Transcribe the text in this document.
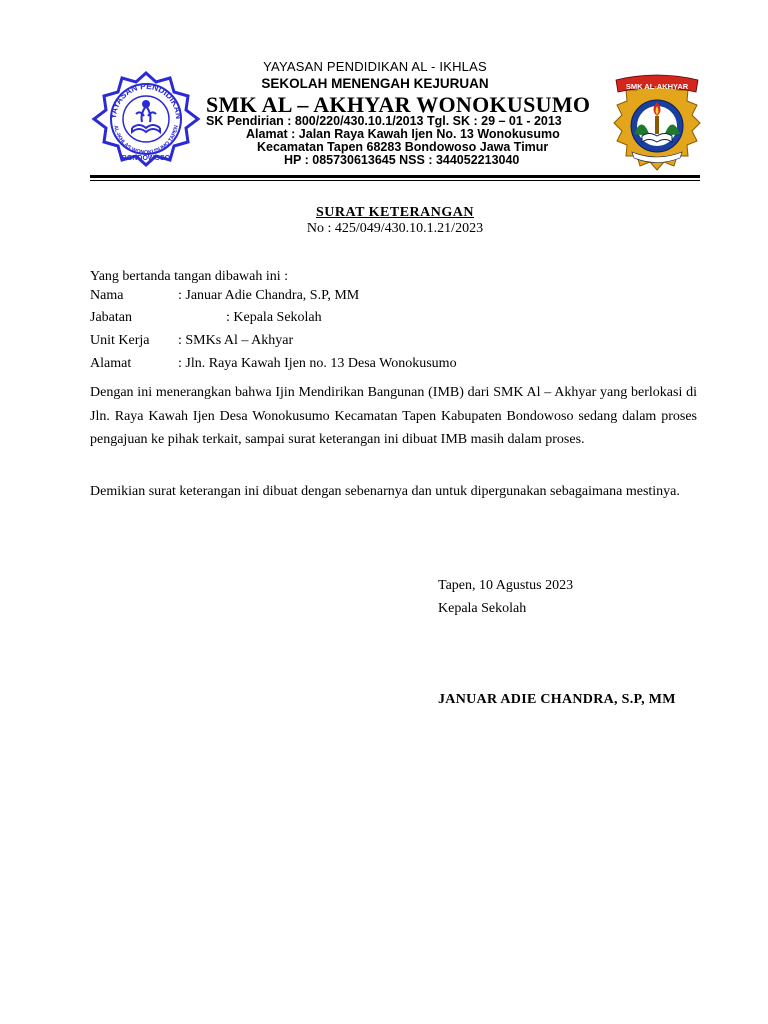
YAYASAN PENDIDIKAN
AL-IKHLAS WONOKUSUMO TAPEN
BONDOWOSO
SMK AL-AKHYAR
YAYASAN PENDIDIKAN AL - IKHLAS
SEKOLAH MENENGAH KEJURUAN
SMK AL – AKHYAR WONOKUSUMO
SK Pendirian : 800/220/430.10.1/2013 Tgl. SK : 29 – 01 - 2013
Alamat : Jalan Raya Kawah Ijen No. 13 Wonokusumo
Kecamatan Tapen 68283 Bondowoso Jawa Timur
HP : 085730613645 NSS : 344052213040
SURAT KETERANGAN
No : 425/049/430.10.1.21/2023
Yang bertanda tangan dibawah ini :
Nama	: Januar Adie Chandra, S.P, MM
Jabatan	: Kepala Sekolah
Unit Kerja : SMKs Al – Akhyar
Alamat	: Jln. Raya Kawah Ijen no. 13 Desa Wonokusumo
Dengan ini menerangkan bahwa Ijin Mendirikan Bangunan (IMB) dari SMK Al – Akhyar yang berlokasi di Jln. Raya Kawah Ijen Desa Wonokusumo Kecamatan Tapen Kabupaten Bondowoso sedang dalam proses pengajuan ke pihak terkait, sampai surat keterangan ini dibuat IMB masih dalam proses.
Demikian surat keterangan ini dibuat dengan sebenarnya dan untuk dipergunakan sebagaimana mestinya.
Tapen, 10 Agustus 2023
Kepala Sekolah
JANUAR ADIE CHANDRA, S.P, MM
